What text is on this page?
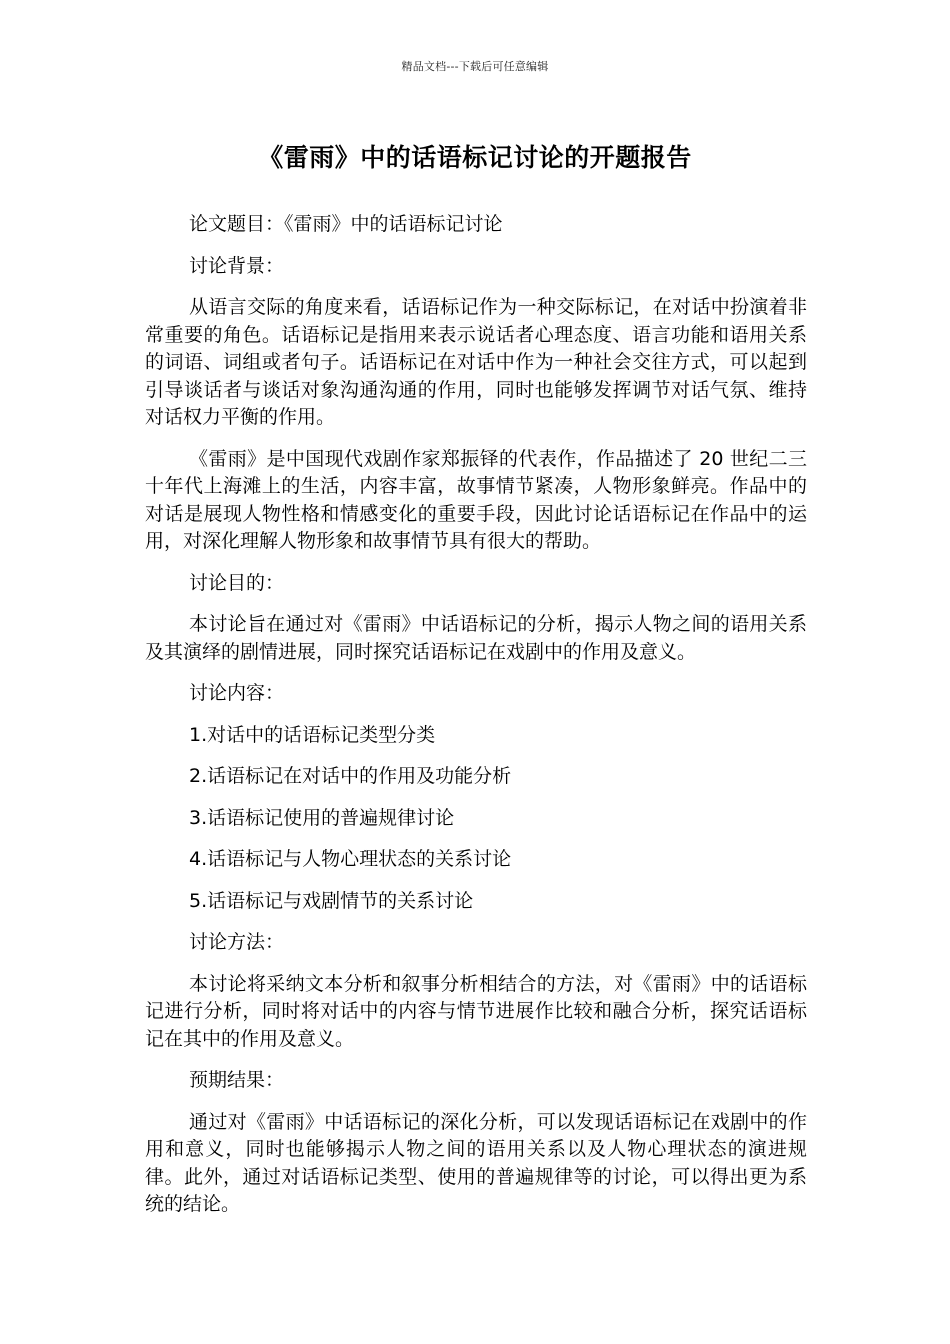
精品文档---下载后可任意编辑
《雷雨》中的话语标记讨论的开题报告

论文题目：《雷雨》中的话语标记讨论

讨论背景：

从语言交际的角度来看，话语标记作为一种交际标记，在对话中扮演着非常重要的角色。话语标记是指用来表示说话者心理态度、语言功能和语用关系的词语、词组或者句子。话语标记在对话中作为一种社会交往方式，可以起到引导谈话者与谈话对象沟通沟通的作用，同时也能够发挥调节对话气氛、维持对话权力平衡的作用。

《雷雨》是中国现代戏剧作家郑振铎的代表作，作品描述了 20 世纪二三十年代上海滩上的生活，内容丰富，故事情节紧凑，人物形象鲜亮。作品中的对话是展现人物性格和情感变化的重要手段，因此讨论话语标记在作品中的运用，对深化理解人物形象和故事情节具有很大的帮助。

讨论目的：

本讨论旨在通过对《雷雨》中话语标记的分析，揭示人物之间的语用关系及其演绎的剧情进展，同时探究话语标记在戏剧中的作用及意义。

讨论内容：

1.对话中的话语标记类型分类

2.话语标记在对话中的作用及功能分析

3.话语标记使用的普遍规律讨论

4.话语标记与人物心理状态的关系讨论

5.话语标记与戏剧情节的关系讨论

讨论方法：

本讨论将采纳文本分析和叙事分析相结合的方法，对《雷雨》中的话语标记进行分析，同时将对话中的内容与情节进展作比较和融合分析，探究话语标记在其中的作用及意义。

预期结果：

通过对《雷雨》中话语标记的深化分析，可以发现话语标记在戏剧中的作用和意义，同时也能够揭示人物之间的语用关系以及人物心理状态的演进规律。此外，通过对话语标记类型、使用的普遍规律等的讨论，可以得出更为系统的结论。
